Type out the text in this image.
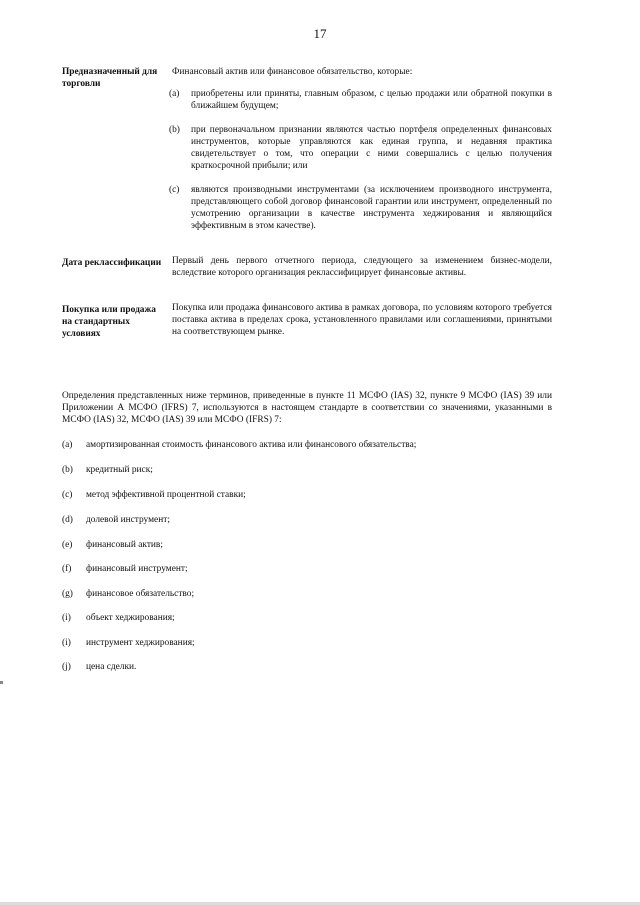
17
Предназначенный для торговли
Финансовый актив или финансовое обязательство, которые:
(a) приобретены или приняты, главным образом, с целью продажи или обратной покупки в ближайшем будущем;
(b) при первоначальном признании являются частью портфеля определенных финансовых инструментов, которые управляются как единая группа, и недавняя практика свидетельствует о том, что операции с ними совершались с целью получения краткосрочной прибыли; или
(c) являются производными инструментами (за исключением производного инструмента, представляющего собой договор финансовой гарантии или инструмент, определенный по усмотрению организации в качестве инструмента хеджирования и являющийся эффективным в этом качестве).
Дата реклассификации Первый день первого отчетного периода, следующего за изменением бизнес-модели, вследствие которого организация реклассифицирует финансовые активы.
Покупка или продажа на стандартных условиях
Покупка или продажа финансового актива в рамках договора, по условиям которого требуется поставка актива в пределах срока, установленного правилами или соглашениями, принятыми на соответствующем рынке.
Определения представленных ниже терминов, приведенные в пункте 11 МСФО (IAS) 32, пункте 9 МСФО (IAS) 39 или Приложении А МСФО (IFRS) 7, используются в настоящем стандарте в соответствии со значениями, указанными в МСФО (IAS) 32, МСФО (IAS) 39 или МСФО (IFRS) 7:
(a) амортизированная стоимость финансового актива или финансового обязательства;
(b) кредитный риск;
(c) метод эффективной процентной ставки;
(d) долевой инструмент;
(e) финансовый актив;
(f) финансовый инструмент;
(g) финансовое обязательство;
(i) объект хеджирования;
(i) инструмент хеджирования;
(j) цена сделки.
